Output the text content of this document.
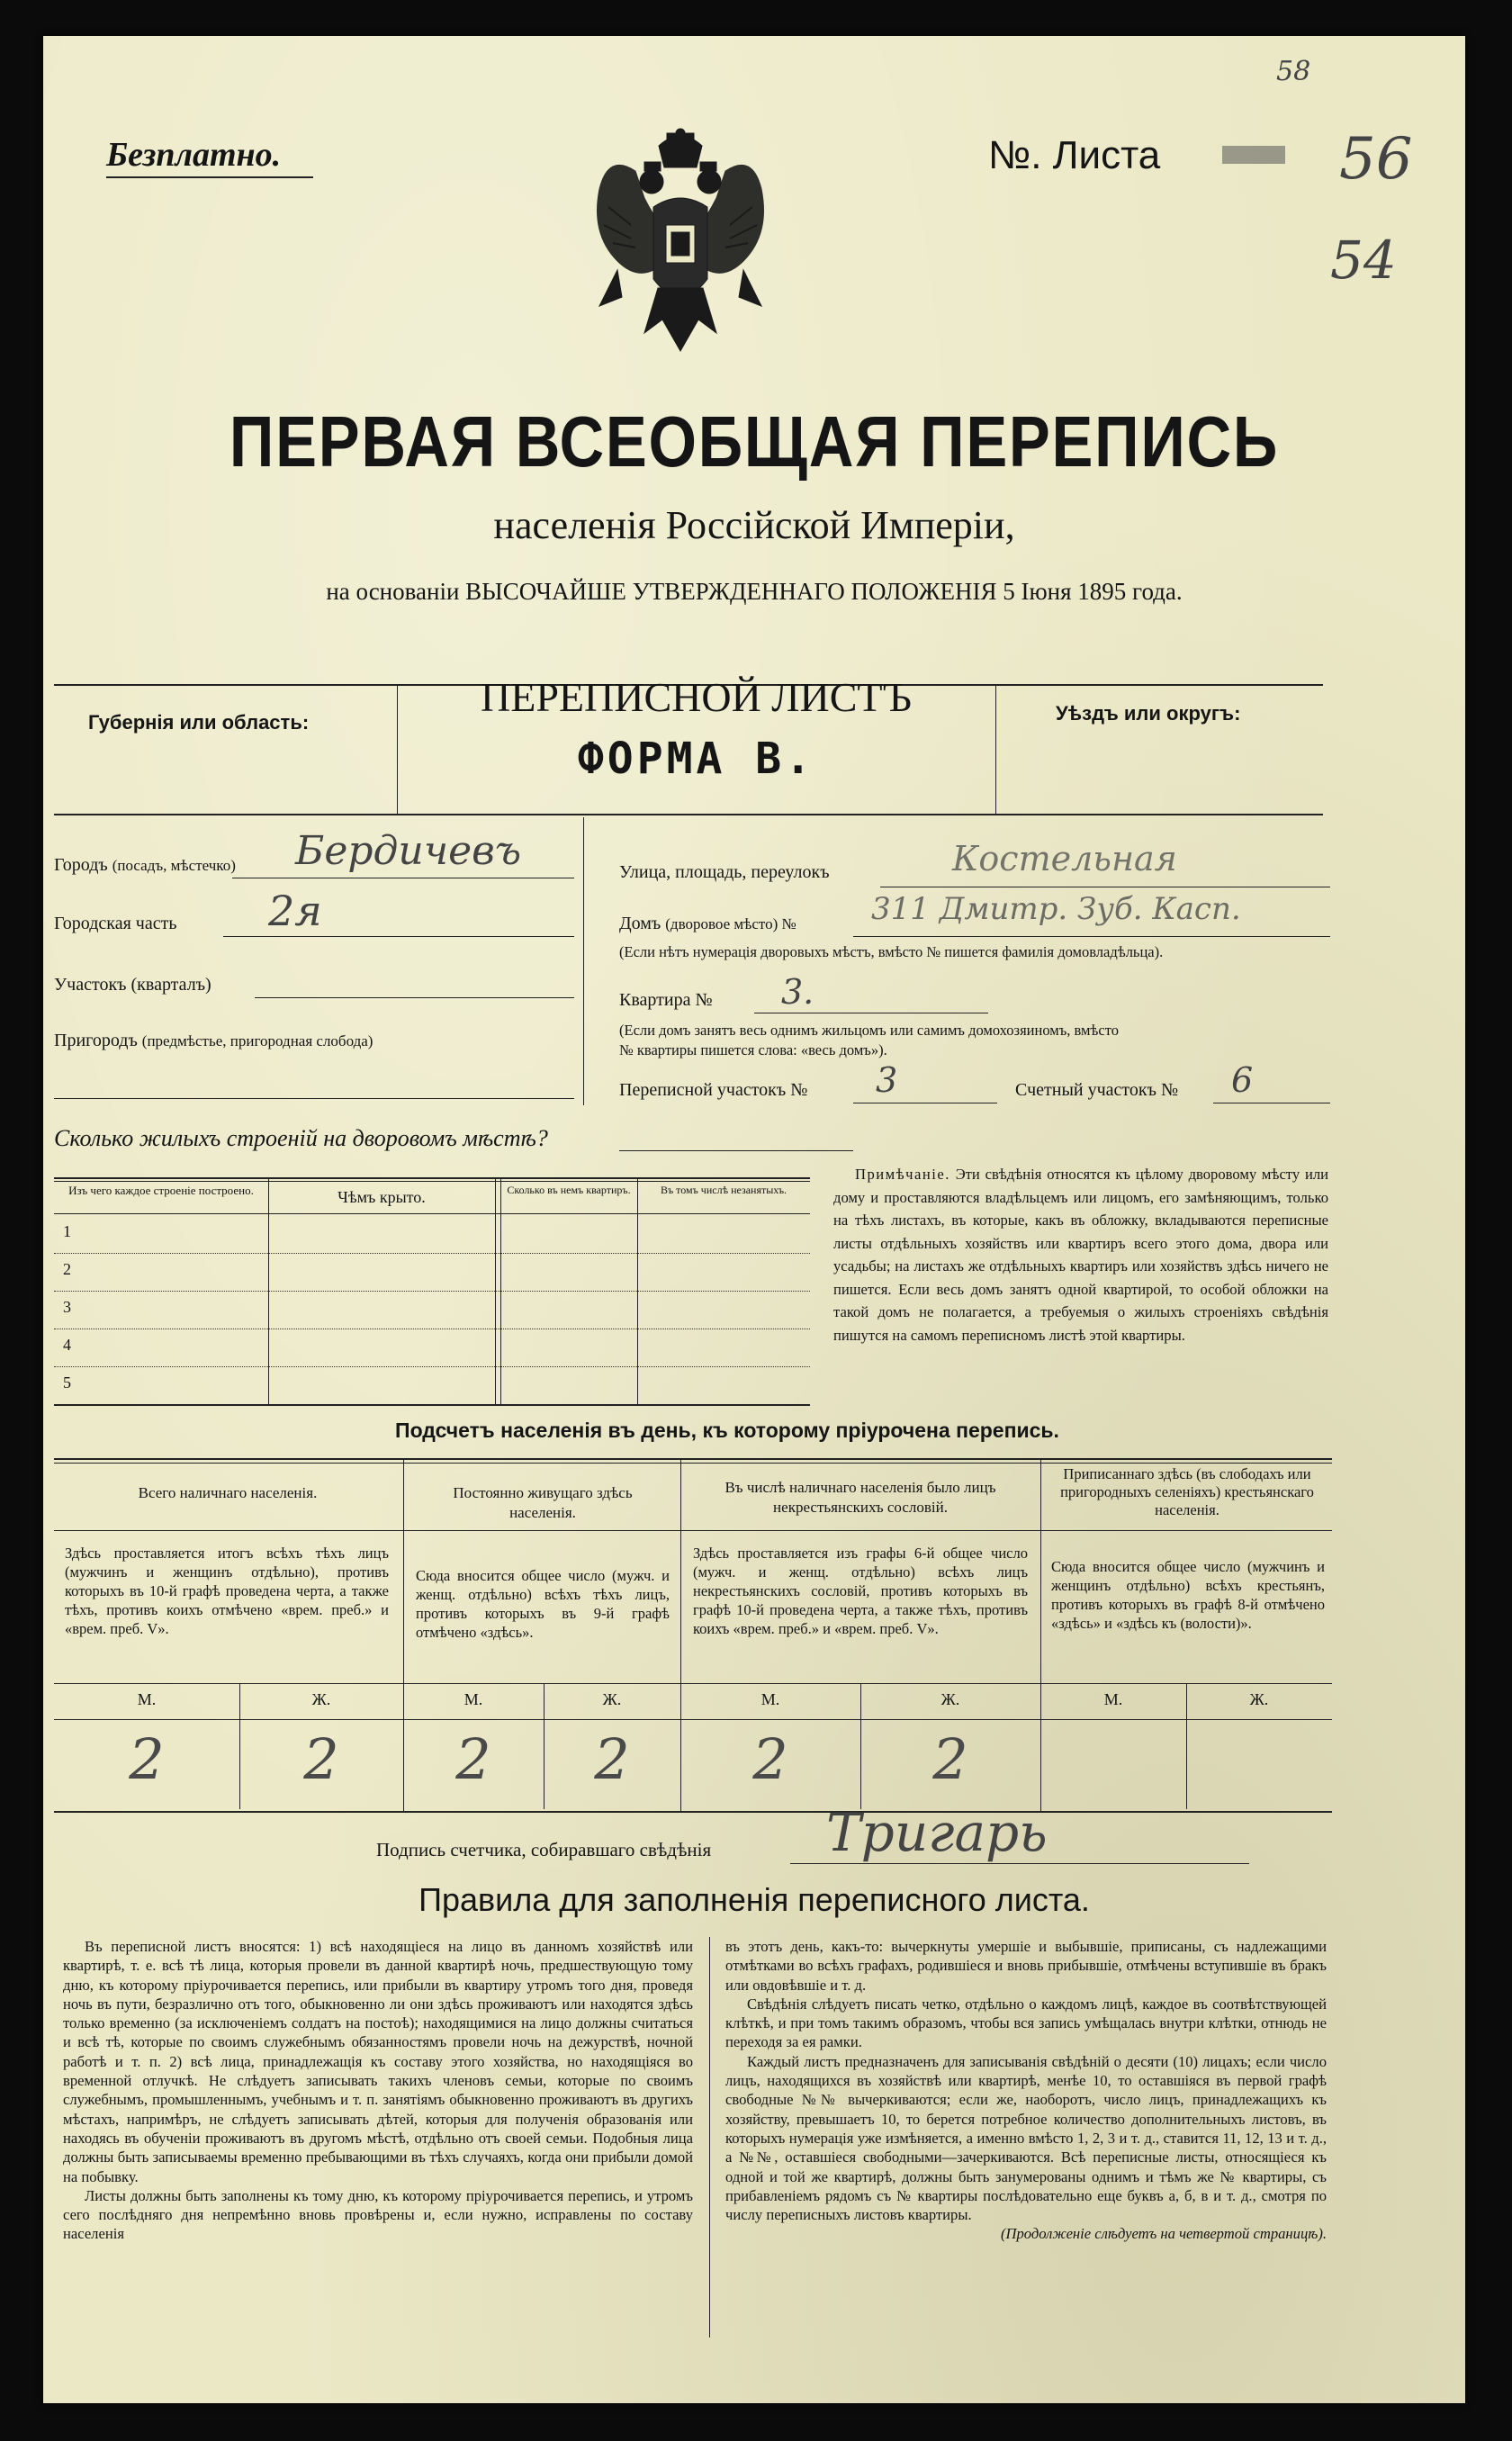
Безплатно.	№. Листа
58
56
54
ПЕРВАЯ ВСЕОБЩАЯ ПЕРЕПИСЬ
населенія Россійской Имперіи,
на основаніи ВЫСОЧАЙШЕ УТВЕРЖДЕННАГО ПОЛОЖЕНІЯ 5 Іюня 1895 года.
Губернія или область:	Уѣздъ или округъ:
ПЕРЕПИСНОЙ ЛИСТЪ
ФОРМА В.
Городъ (посадъ, мѣстечко) Бердичевъ
Городская часть 2я
Участокъ (кварталъ)
Пригородъ (предмѣстье, пригородная слобода)
Улица, площадь, переулокъ	Костельная
Домъ (дворовое мѣсто) № 311 Дмитр. Зуб. Касп.
(Если нѣтъ нумерація дворовыхъ мѣстъ, вмѣсто № пишется фамилія домовладѣльца).
Квартира № 3.
(Если домъ занятъ весь однимъ жильцомъ или самимъ домохозяиномъ, вмѣсто
№ квартиры пишется слова: «весь домъ»).
Переписной участокъ № 3	Счетный участокъ № 6
Сколько жилыхъ строеній на дворовомъ мѣстѣ?
Изъ чего каждое строеніе построено.	Чѣмъ крыто.	Сколько въ немъ квартиръ.	Въ томъ числѣ незанятыхъ.
1
2
3
4
5
Примѣчаніе. Эти свѣдѣнія относятся къ цѣлому дворовому мѣсту или дому и проставляются владѣльцемъ или лицомъ, его замѣняющимъ, только на тѣхъ листахъ, въ которые, какъ въ обложку, вкладываются переписные листы отдѣльныхъ хозяйствъ или квартиръ всего этого дома, двора или усадьбы; на листахъ же отдѣльныхъ квартиръ или хозяйствъ здѣсь ничего не пишется. Если весь домъ занятъ одной квартирой, то особой обложки на такой домъ не полагается, а требуемыя о жилыхъ строеніяхъ свѣдѣнія пишутся на самомъ переписномъ листѣ этой квартиры.
Подсчетъ населенія въ день, къ которому пріурочена перепись.
Всего наличнаго населенія.
Здѣсь проставляется итогъ всѣхъ тѣхъ лицъ (мужчинъ и женщинъ отдѣльно), противъ которыхъ въ 10-й графѣ проведена черта, а также тѣхъ, противъ коихъ отмѣчено «врем. преб.» и «врем. преб. V».
М.	Ж.
2	2
Постоянно живущаго здѣсь населенія.
Сюда вносится общее число (мужч. и женщ. отдѣльно) всѣхъ тѣхъ лицъ, противъ которыхъ въ 9-й графѣ отмѣчено «здѣсь».
М.	Ж.
2	2
Въ числѣ наличнаго населенія было лицъ некрестьянскихъ сословій.
Здѣсь проставляется изъ графы 6-й общее число (мужч. и женщ. отдѣльно) всѣхъ лицъ некрестьянскихъ сословій, противъ которыхъ въ графѣ 10-й проведена черта, а также тѣхъ, противъ коихъ «врем. преб.» и «врем. преб. V».
М.	Ж.
2	2
Приписаннаго здѣсь (въ слободахъ или пригородныхъ селеніяхъ) крестьянскаго населенія.
Сюда вносится общее число (мужчинъ и женщинъ отдѣльно) всѣхъ крестьянъ, противъ которыхъ въ графѣ 8-й отмѣчено «здѣсь» и «здѣсь къ (волости)».
М.	Ж.
Подпись счетчика, собиравшаго свѣдѣнія Тригарь
Правила для заполненія переписного листа.

Въ переписной листъ вносятся: 1) всѣ находящіеся на лицо въ данномъ хозяйствѣ или квартирѣ, т. е. всѣ тѣ лица, которыя провели въ данной квартирѣ ночь, предшествующую тому дню, къ которому пріурочивается перепись, или прибыли въ квартиру утромъ того дня, проведя ночь въ пути, безразлично отъ того, обыкновенно ли они здѣсь проживаютъ или находятся здѣсь только временно (за исключеніемъ солдатъ на постоѣ); находящимися на лицо должны считаться и всѣ тѣ, которые по своимъ служебнымъ обязанностямъ провели ночь на дежурствѣ, ночной работѣ и т. п. 2) всѣ лица, принадлежащія къ составу этого хозяйства, но находящіяся во временной отлучкѣ. Не слѣдуетъ записывать такихъ членовъ семьи, которые по своимъ служебнымъ, промышленнымъ, учебнымъ и т. п. занятіямъ обыкновенно проживаютъ въ другихъ мѣстахъ, напримѣръ, не слѣдуетъ записывать дѣтей, которыя для полученія образованія или находясь въ обученіи проживаютъ въ другомъ мѣстѣ, отдѣльно отъ своей семьи. Подобныя лица должны быть записываемы временно пребывающими въ тѣхъ случаяхъ, когда они прибыли домой на побывку.

Листы должны быть заполнены къ тому дню, къ которому пріурочивается перепись, и утромъ сего послѣдняго дня непремѣнно вновь провѣрены и, если нужно, исправлены по составу населенія

въ этотъ день, какъ-то: вычеркнуты умершіе и выбывшіе, приписаны, съ надлежащими отмѣтками во всѣхъ графахъ, родившіеся и вновь прибывшіе, отмѣчены вступившіе въ бракъ или овдовѣвшіе и т. д.

Свѣдѣнія слѣдуетъ писать четко, отдѣльно о каждомъ лицѣ, каждое въ соотвѣтствующей клѣткѣ, и при томъ такимъ образомъ, чтобы вся запись умѣщалась внутри клѣтки, отнюдь не переходя за ея рамки.

Каждый листъ предназначенъ для записыванія свѣдѣній о десяти (10) лицахъ; если число лицъ, находящихся въ хозяйствѣ или квартирѣ, менѣе 10, то оставшіяся въ первой графѣ свободные №№ вычеркиваются; если же, наоборотъ, число лицъ, принадлежащихъ къ хозяйству, превышаетъ 10, то берется потребное количество дополнительныхъ листовъ, въ которыхъ нумерація уже измѣняется, а именно вмѣсто 1, 2, 3 и т. д., ставится 11, 12, 13 и т. д., а №№, оставшіеся свободными—зачеркиваются. Всѣ переписные листы, относящіеся къ одной и той же квартирѣ, должны быть занумерованы однимъ и тѣмъ же № квартиры, съ прибавленіемъ рядомъ съ № квартиры послѣдовательно еще буквъ а, б, в и т. д., смотря по числу переписныхъ листовъ квартиры.

(Продолженіе слѣдуетъ на четвертой страницѣ).
